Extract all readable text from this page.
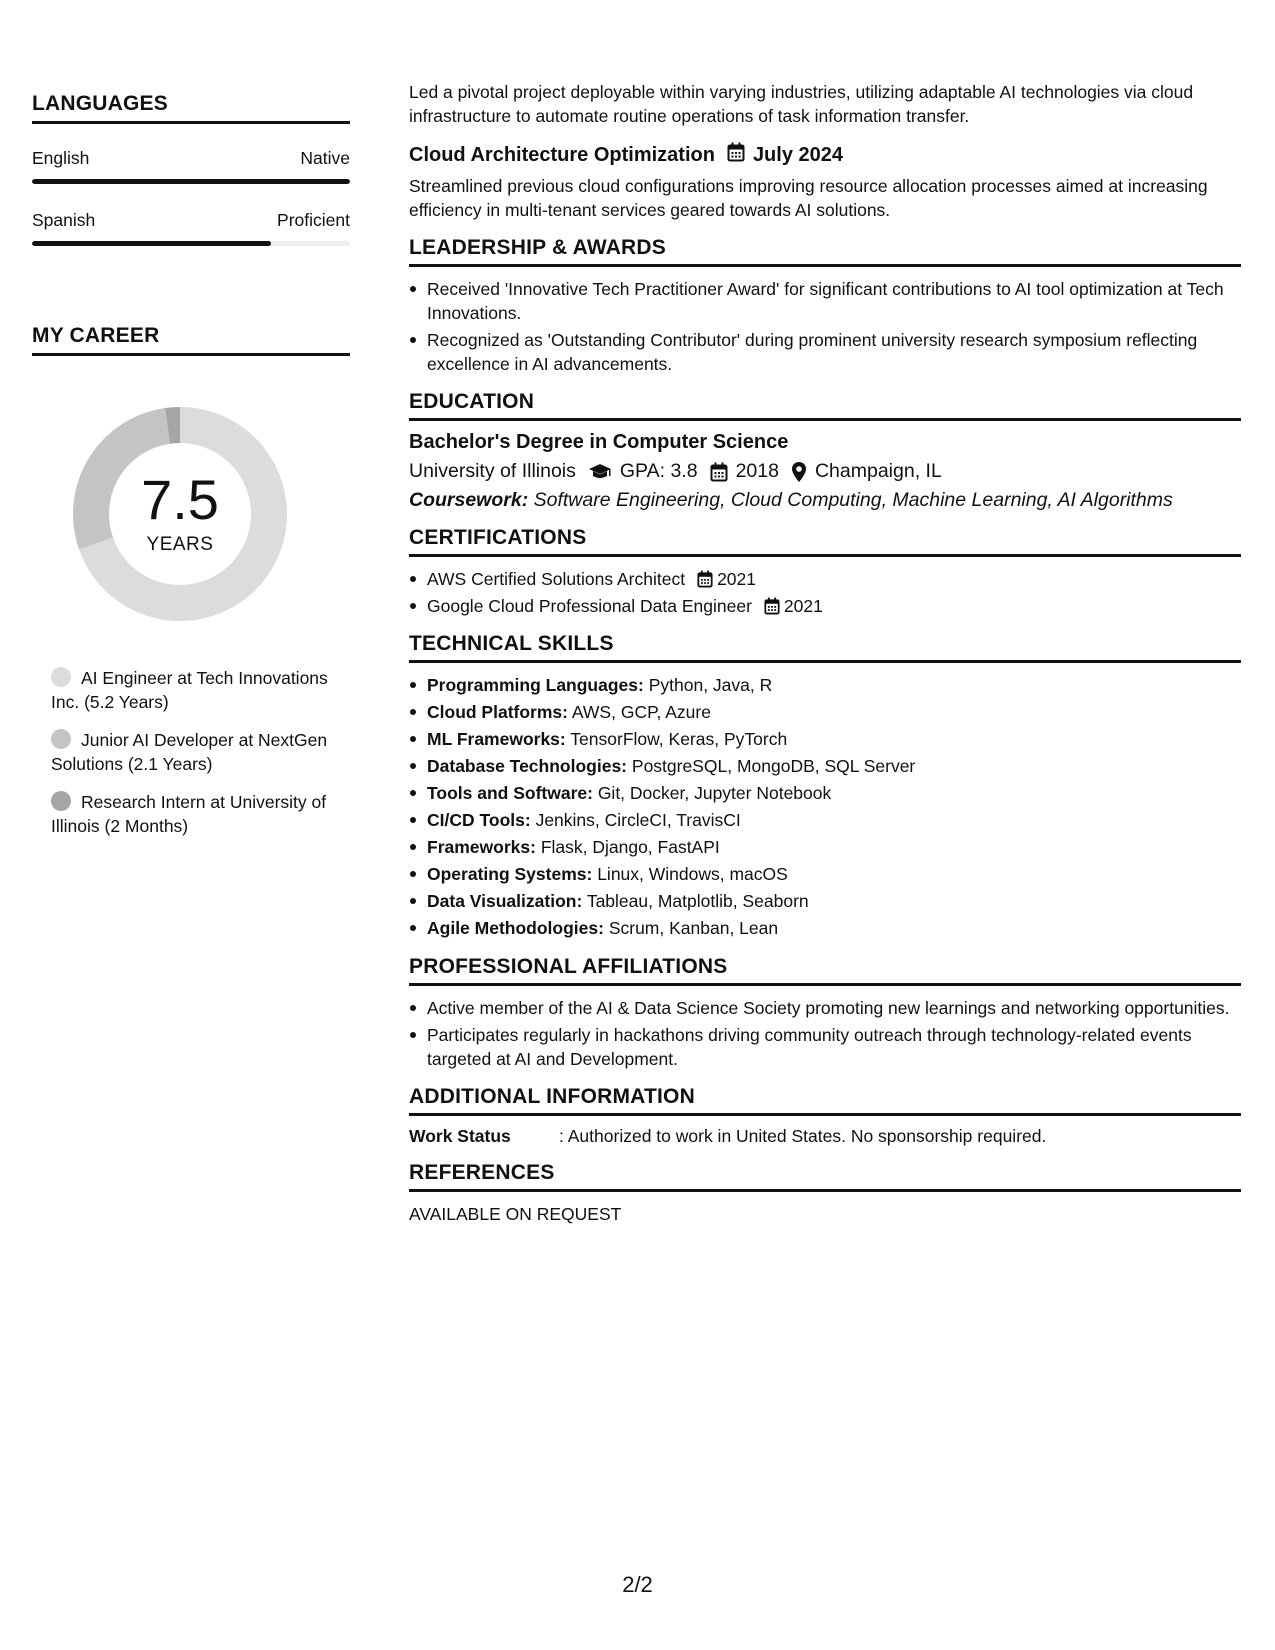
LANGUAGES
English	Native
Spanish	Proficient
MY CAREER
7.5
YEARS
AI Engineer at Tech Innovations Inc. (5.2 Years)
Junior AI Developer at NextGen Solutions (2.1 Years)
Research Intern at University of Illinois (2 Months)
Led a pivotal project deployable within varying industries, utilizing adaptable AI technologies via cloud infrastructure to automate routine operations of task information transfer.
Cloud Architecture Optimization July 2024
Streamlined previous cloud configurations improving resource allocation processes aimed at increasing efficiency in multi-tenant services geared towards AI solutions.
LEADERSHIP & AWARDS
Received 'Innovative Tech Practitioner Award' for significant contributions to AI tool optimization at Tech Innovations.
Recognized as 'Outstanding Contributor' during prominent university research symposium reflecting excellence in AI advancements.
EDUCATION
Bachelor's Degree in Computer Science
University of Illinois GPA: 3.8 2018 Champaign, IL
Coursework: Software Engineering, Cloud Computing, Machine Learning, AI Algorithms
CERTIFICATIONS
AWS Certified Solutions Architect 2021
Google Cloud Professional Data Engineer 2021
TECHNICAL SKILLS
Programming Languages: Python, Java, R
Cloud Platforms: AWS, GCP, Azure
ML Frameworks: TensorFlow, Keras, PyTorch
Database Technologies: PostgreSQL, MongoDB, SQL Server
Tools and Software: Git, Docker, Jupyter Notebook
CI/CD Tools: Jenkins, CircleCI, TravisCI
Frameworks: Flask, Django, FastAPI
Operating Systems: Linux, Windows, macOS
Data Visualization: Tableau, Matplotlib, Seaborn
Agile Methodologies: Scrum, Kanban, Lean
PROFESSIONAL AFFILIATIONS
Active member of the AI & Data Science Society promoting new learnings and networking opportunities.
Participates regularly in hackathons driving community outreach through technology-related events targeted at AI and Development.
ADDITIONAL INFORMATION
Work Status	: Authorized to work in United States. No sponsorship required.
REFERENCES
AVAILABLE ON REQUEST
2/2
